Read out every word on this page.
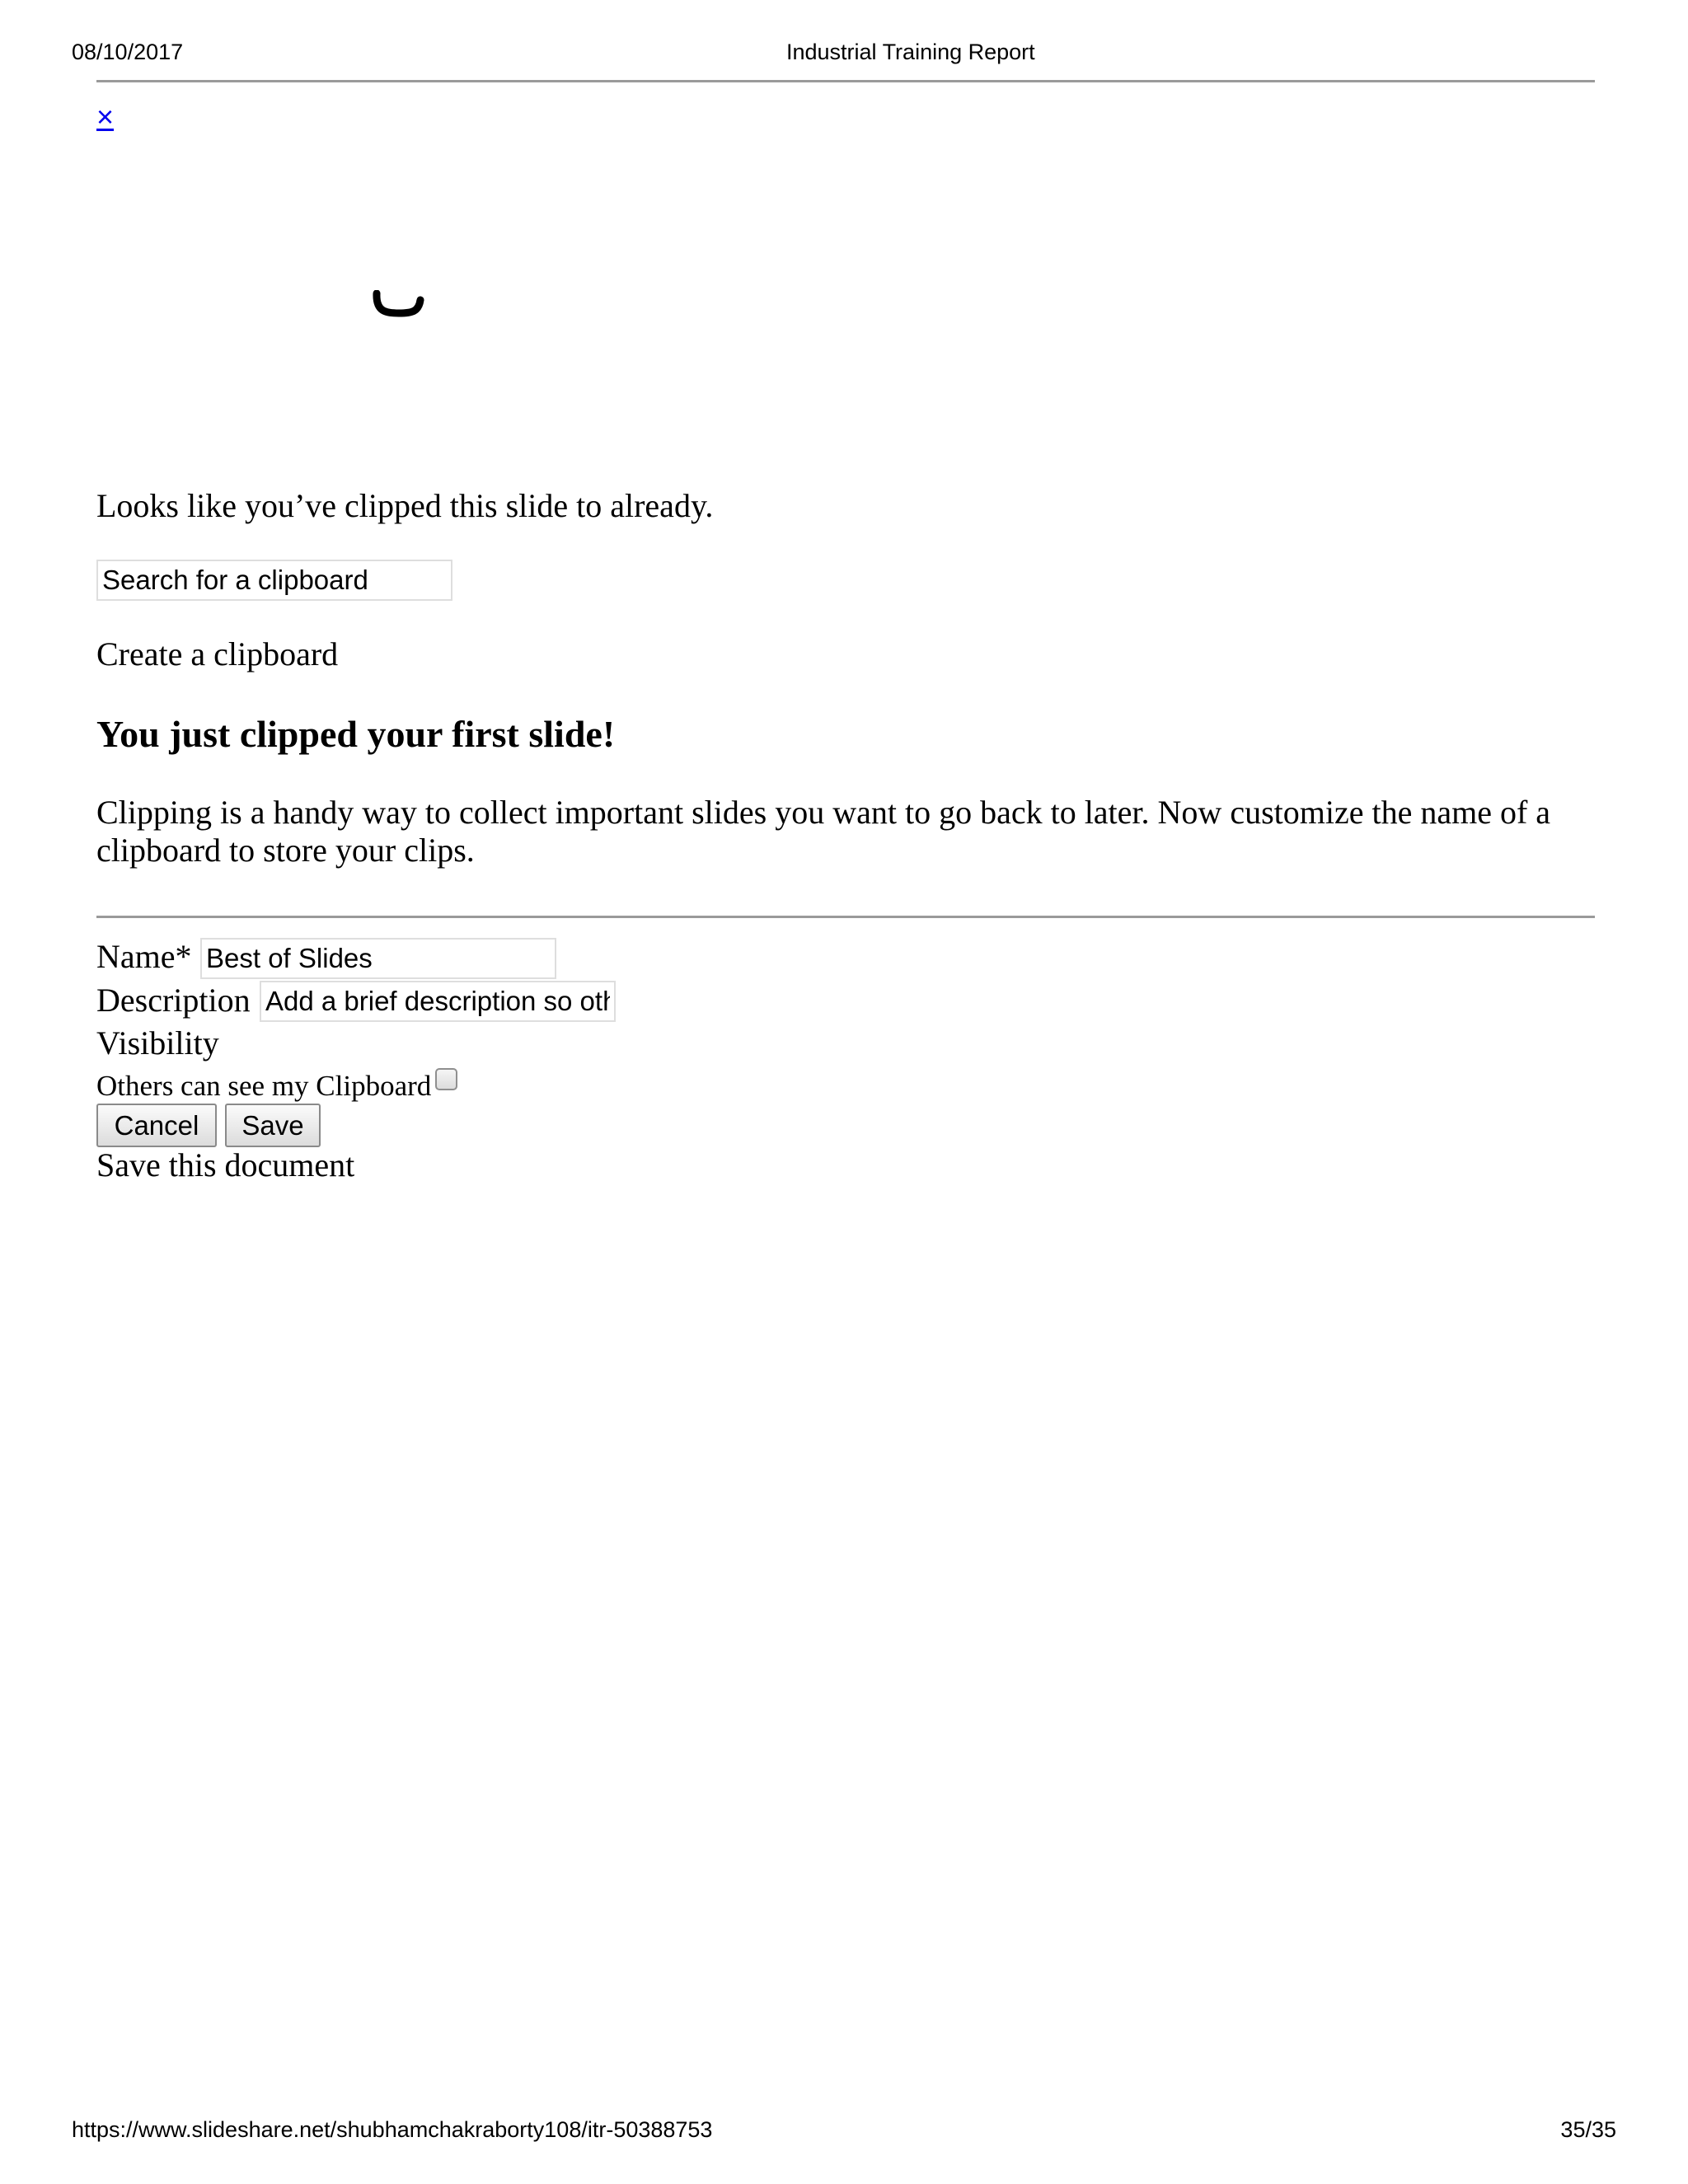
08/10/2017	Industrial Training Report
×
Looks like you’ve clipped this slide to already.
Search for a clipboard
Create a clipboard
You just clipped your first slide!

Clipping is a handy way to collect important slides you want to go back to later. Now customize the name of a clipboard to store your clips.

Name*
Best of Slides
Description
Add a brief description so others know what your Clipboard is about.
Visibility
Others can see my Clipboard
Cancel	Save
Save this document
https://www.slideshare.net/shubhamchakraborty108/itr-50388753	35/35
